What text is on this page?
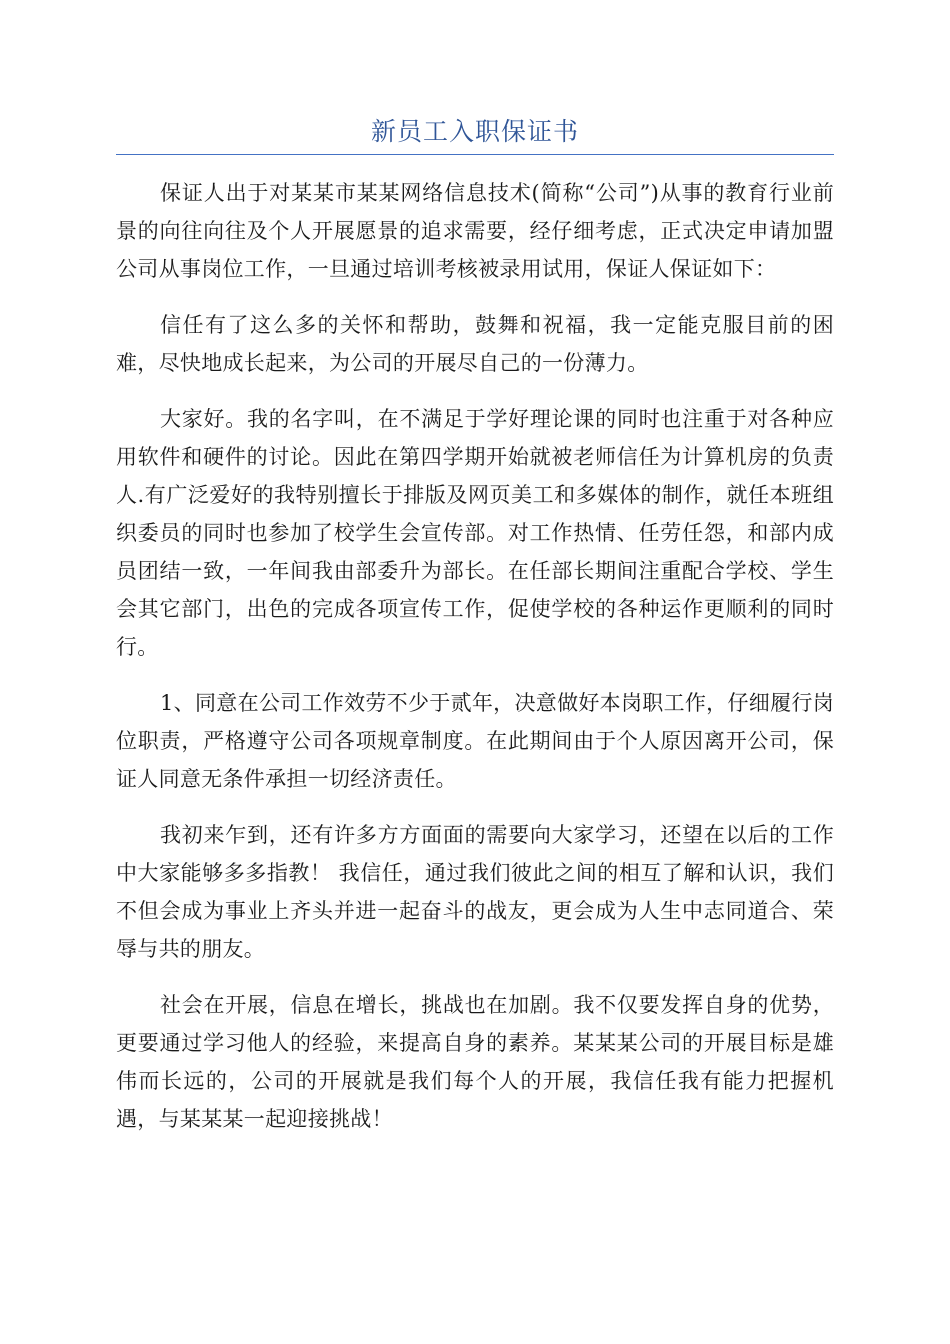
新员工入职保证书

保证人出于对某某市某某网络信息技术(简称“公司”)从事的教育行业前景的向往向往及个人开展愿景的追求需要，经仔细考虑，正式决定申请加盟公司从事岗位工作，一旦通过培训考核被录用试用，保证人保证如下：

信任有了这么多的关怀和帮助，鼓舞和祝福，我一定能克服目前的困难，尽快地成长起来，为公司的开展尽自己的一份薄力。

大家好。我的名字叫，在不满足于学好理论课的同时也注重于对各种应用软件和硬件的讨论。因此在第四学期开始就被老师信任为计算机房的负责人.有广泛爱好的我特别擅长于排版及网页美工和多媒体的制作，就任本班组织委员的同时也参加了校学生会宣传部。对工作热情、任劳任怨，和部内成员团结一致，一年间我由部委升为部长。在任部长期间注重配合学校、学生会其它部门，出色的完成各项宣传工作，促使学校的各种运作更顺利的同时行。

1、同意在公司工作效劳不少于贰年，决意做好本岗职工作，仔细履行岗位职责，严格遵守公司各项规章制度。在此期间由于个人原因离开公司，保证人同意无条件承担一切经济责任。

我初来乍到，还有许多方方面面的需要向大家学习，还望在以后的工作中大家能够多多指教！ 我信任，通过我们彼此之间的相互了解和认识，我们不但会成为事业上齐头并进一起奋斗的战友，更会成为人生中志同道合、荣辱与共的朋友。

社会在开展，信息在增长，挑战也在加剧。我不仅要发挥自身的优势，更要通过学习他人的经验，来提高自身的素养。某某某公司的开展目标是雄伟而长远的，公司的开展就是我们每个人的开展，我信任我有能力把握机遇，与某某某一起迎接挑战！
